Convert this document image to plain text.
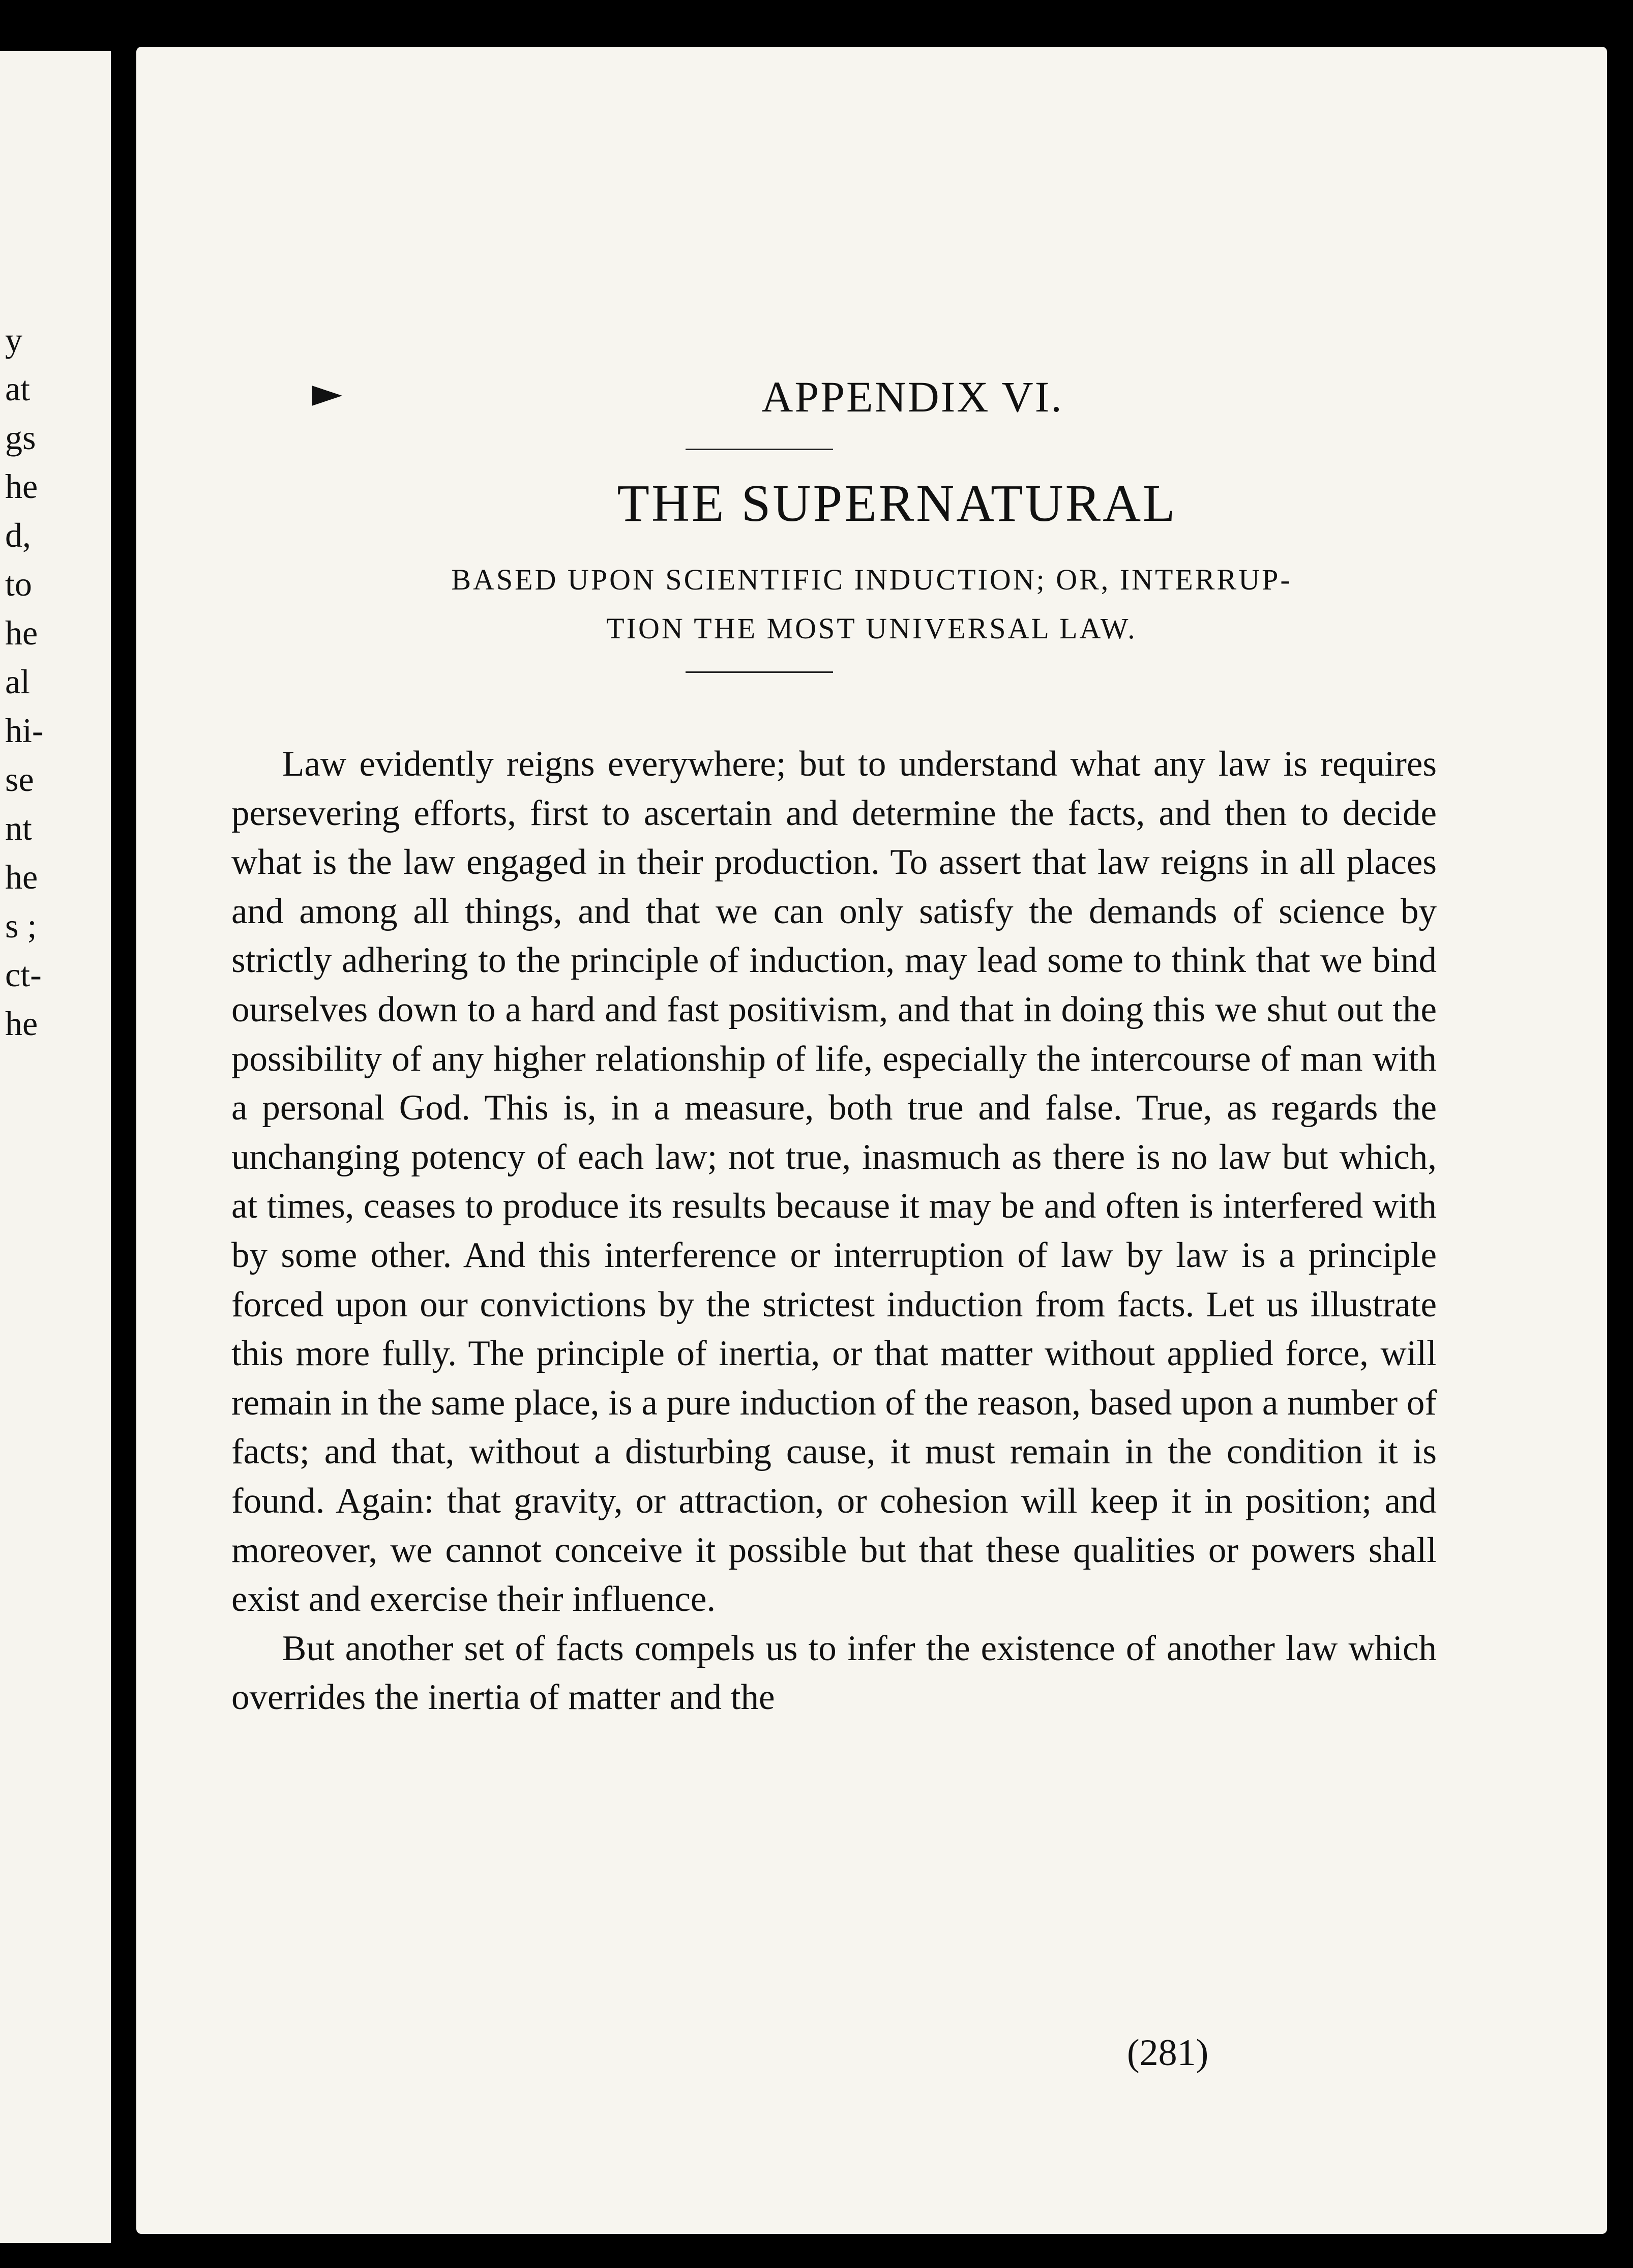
y

at

gs

he

d,

to

he

al

hi-

se

nt

he

s ;

ct-

he

APPENDIX VI.
THE SUPERNATURAL
BASED UPON SCIENTIFIC INDUCTION; OR, INTERRUP-
TION THE MOST UNIVERSAL LAW.

Law evidently reigns everywhere; but to understand what any law is requires persevering efforts, first to ascertain and determine the facts, and then to decide what is the law engaged in their production. To assert that law reigns in all places and among all things, and that we can only satisfy the demands of science by strictly adhering to the principle of induction, may lead some to think that we bind ourselves down to a hard and fast positivism, and that in doing this we shut out the possibility of any higher relationship of life, especially the intercourse of man with a personal God. This is, in a measure, both true and false. True, as regards the unchanging potency of each law; not true, inasmuch as there is no law but which, at times, ceases to produce its results because it may be and often is interfered with by some other. And this interference or interruption of law by law is a principle forced upon our convictions by the strictest induction from facts. Let us illustrate this more fully. The principle of inertia, or that matter without applied force, will remain in the same place, is a pure induction of the reason, based upon a number of facts; and that, without a disturbing cause, it must remain in the condition it is found. Again: that gravity, or attraction, or cohesion will keep it in position; and moreover, we cannot conceive it possible but that these qualities or powers shall exist and exercise their influence.

But another set of facts compels us to infer the existence of another law which overrides the inertia of matter and the

(281)
